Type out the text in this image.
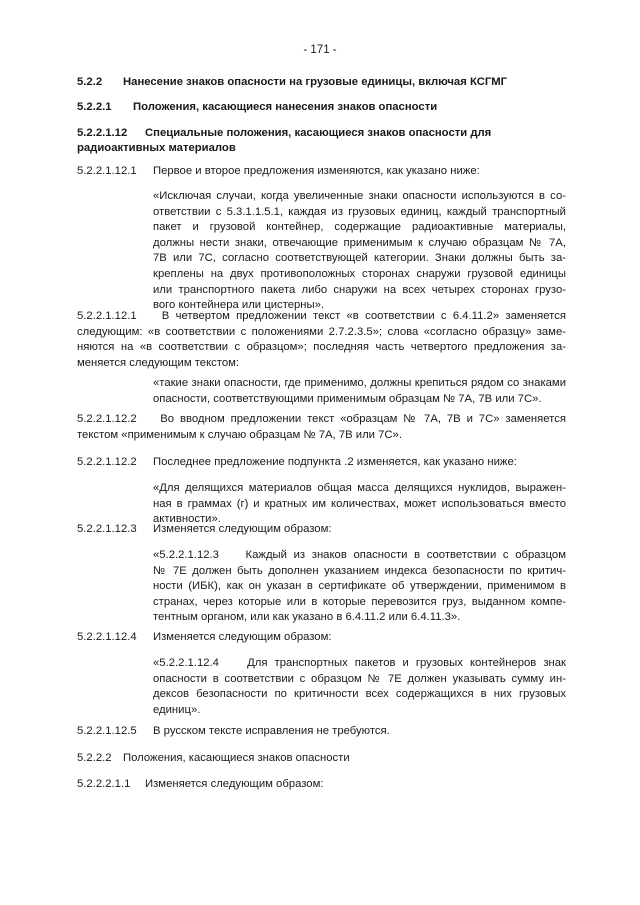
- 171 -
5.2.2 Нанесение знаков опасности на грузовые единицы, включая КСГМГ
5.2.2.1 Положения, касающиеся нанесения знаков опасности
5.2.2.1.12 Специальные положения, касающиеся знаков опасности для
радиоактивных материалов
5.2.2.1.12.1 Первое и второе предложения изменяются, как указано ниже:
«Исключая случаи, когда увеличенные знаки опасности используются в со-
ответствии с 5.3.1.1.5.1, каждая из грузовых единиц, каждый транспортный
пакет и грузовой контейнер, содержащие радиоактивные материалы,
должны нести знаки, отвечающие применимым к случаю образцам № 7А,
7В или 7С, согласно соответствующей категории. Знаки должны быть за-
креплены на двух противоположных сторонах снаружи грузовой единицы
или транспортного пакета либо снаружи на всех четырех сторонах грузо-
вого контейнера или цистерны».
5.2.2.1.12.1    В четвертом предложении текст «в соответствии с 6.4.11.2» заменяется
следующим: «в соответствии с положениями 2.7.2.3.5»; слова «согласно образцу» заме-
няются на «в соответствии с образцом»; последняя часть четвертого предложения за-
меняется следующим текстом:
«такие знаки опасности, где применимо, должны крепиться рядом со знаками
опасности, соответствующими применимым образцам № 7А, 7В или 7С».
5.2.2.1.12.2    Во вводном предложении текст «образцам № 7А, 7В и 7С» заменяется
текстом «применимым к случаю образцам № 7А, 7В или 7С».
5.2.2.1.12.2 Последнее предложение подпункта .2 изменяется, как указано ниже:
«Для делящихся материалов общая масса делящихся нуклидов, выражен-
ная в граммах (г) и кратных им количествах, может использоваться вместо
активности».
5.2.2.1.12.3 Изменяется следующим образом:
«5.2.2.1.12.3    Каждый из знаков опасности в соответствии с образцом
№ 7Е должен быть дополнен указанием индекса безопасности по критич-
ности (ИБК), как он указан в сертификате об утверждении, применимом в
странах, через которые или в которые перевозится груз, выданном компе-
тентным органом, или как указано в 6.4.11.2 или 6.4.11.3».
5.2.2.1.12.4 Изменяется следующим образом:
«5.2.2.1.12.4    Для транспортных пакетов и грузовых контейнеров знак
опасности в соответствии с образцом № 7Е должен указывать сумму ин-
дексов безопасности по критичности всех содержащихся в них грузовых
единиц».
5.2.2.1.12.5 В русском тексте исправления не требуются.
5.2.2.2 Положения, касающиеся знаков опасности
5.2.2.2.1.1 Изменяется следующим образом:
